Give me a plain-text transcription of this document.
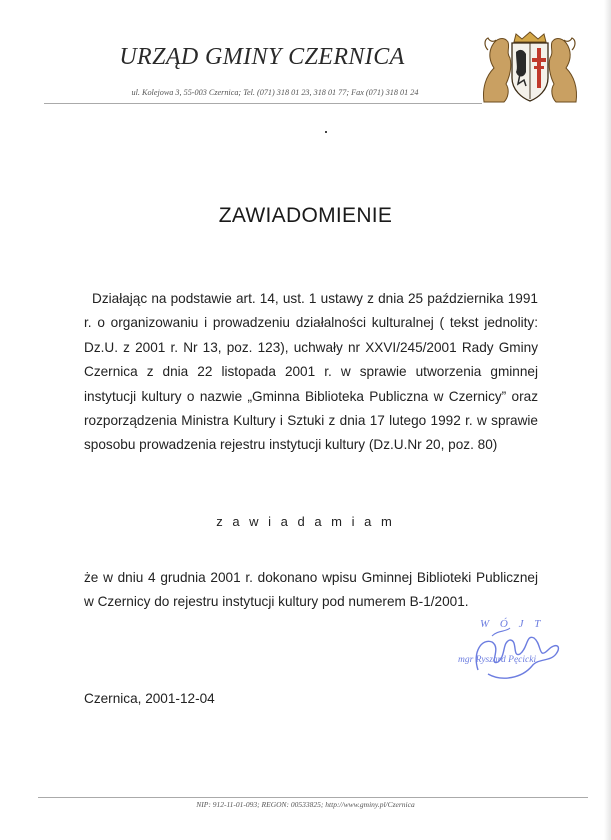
URZĄD GMINY CZERNICA
ul. Kolejowa 3, 55-003 Czernica; Tel. (071) 318 01 23, 318 01 77; Fax (071) 318 01 24
ZAWIADOMIENIE

Działając na podstawie art. 14, ust. 1 ustawy z dnia 25 października 1991 r. o organizowaniu i prowadzeniu działalności kulturalnej ( tekst jednolity: Dz.U. z 2001 r. Nr 13, poz. 123), uchwały nr XXVI/245/2001 Rady Gminy Czernica z dnia 22 listopada 2001 r. w sprawie utworzenia gminnej instytucji kultury o nazwie „Gminna Biblioteka Publiczna w Czernicy” oraz rozporządzenia Ministra Kultury i Sztuki z dnia 17 lutego 1992 r. w sprawie sposobu prowadzenia rejestru instytucji kultury (Dz.U.Nr 20, poz. 80)

z a w i a d a m i a m

że w dniu 4 grudnia 2001 r. dokonano wpisu Gminnej Biblioteki Publicznej w Czernicy do rejestru instytucji kultury pod numerem B-1/2001.

W Ó J T
mgr Ryszard Pęcicki
Czernica, 2001-12-04
NIP: 912-11-01-093; REGON: 00533825; http://www.gminy.pl/Czernica
